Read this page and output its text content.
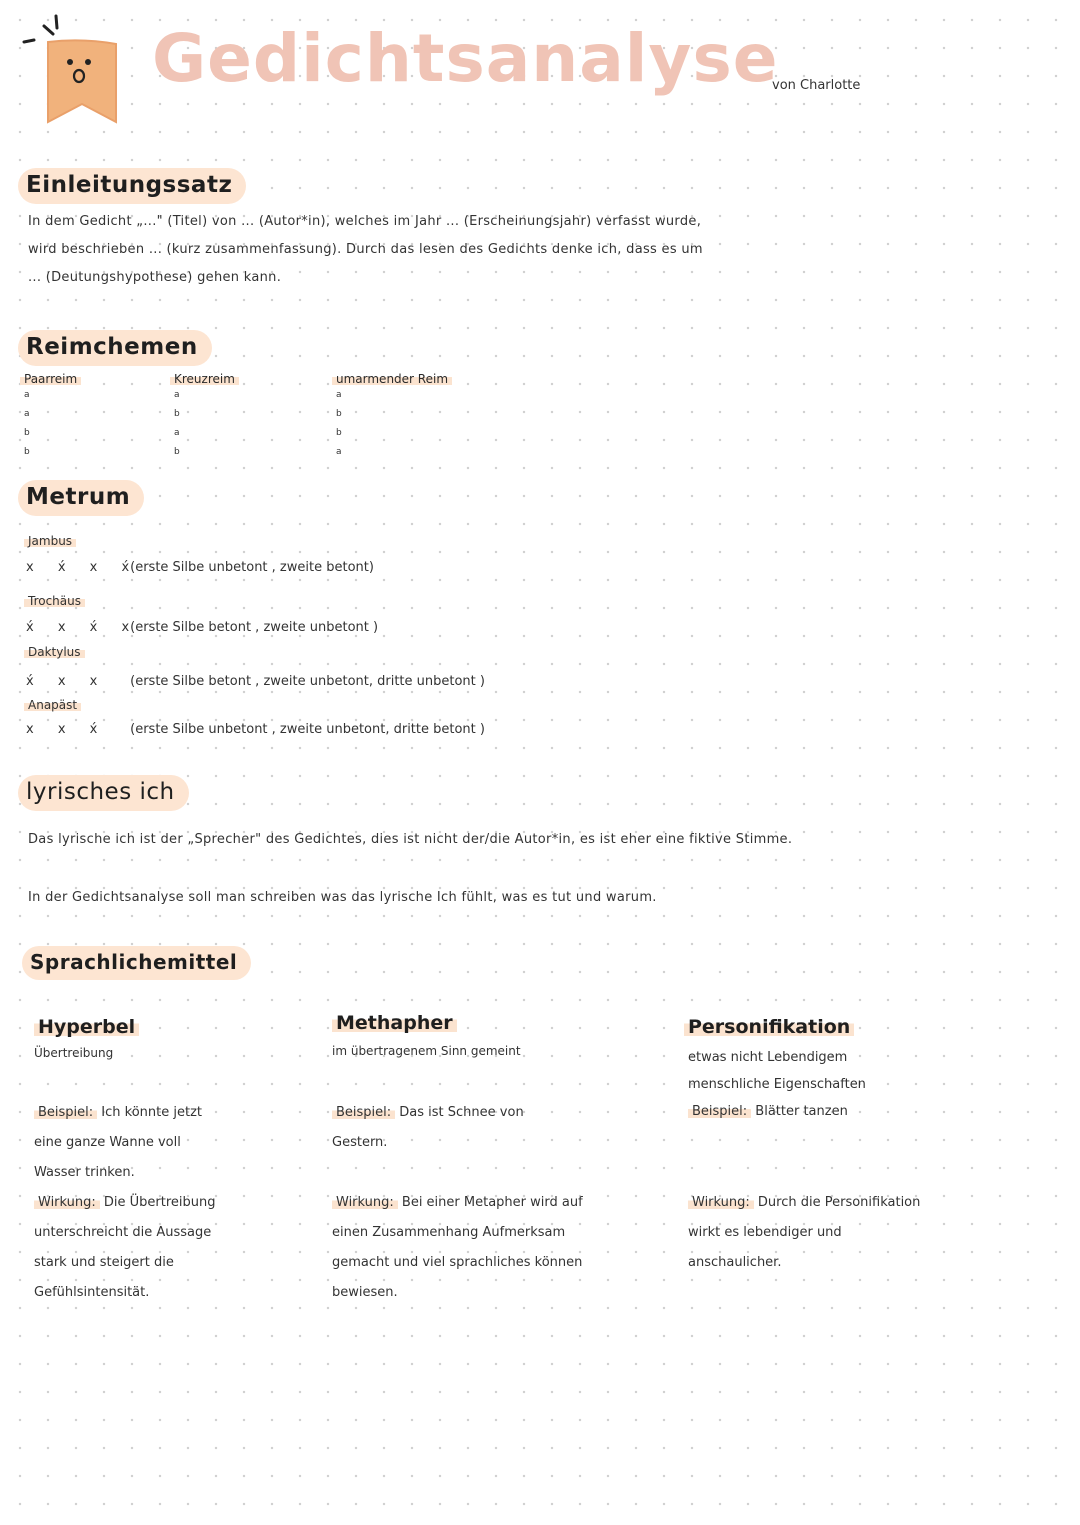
Gedichtsanalyse
von Charlotte
Einleitungssatz
In dem Gedicht „..." (Titel) von ... (Autor*in), welches im Jahr ... (Erscheinungsjahr) verfasst wurde,
wird beschrieben ... (kurz zusammenfassung). Durch das lesen des Gedichts denke ich, dass es um
... (Deutungshypothese) gehen kann.
Reimchemen
Paarreim
a
a
b
b
Kreuzreim
a
b
a
b
umarmender Reim
a
b
b
a
Metrum
Jambus
x x́ x x́ (erste Silbe unbetont , zweite betont)
Trochäus
x́ x x́ x (erste Silbe betont , zweite unbetont )
Daktylus
x́ x x (erste Silbe betont , zweite unbetont, dritte unbetont )
Anapäst
x x x́ (erste Silbe unbetont , zweite unbetont, dritte betont )
lyrisches ich
Das lyrische ich ist der „Sprecher" des Gedichtes, dies ist nicht der/die Autor*in, es ist eher eine fiktive Stimme.
In der Gedichtsanalyse soll man schreiben was das lyrische Ich fühlt, was es tut und warum.
Sprachlichemittel
Hyperbel
Übertreibung
Beispiel: Ich könnte jetzt
eine ganze Wanne voll
Wasser trinken.
Wirkung: Die Übertreibung
unterschreicht die Aussage
stark und steigert die
Gefühlsintensität.
Methapher
im übertragenem Sinn gemeint
Beispiel: Das ist Schnee von
Gestern.
Wirkung: Bei einer Metapher wird auf
einen Zusammenhang Aufmerksam
gemacht und viel sprachliches können
bewiesen.
Personifikation
etwas nicht Lebendigem
menschliche Eigenschaften
Beispiel: Blätter tanzen
Wirkung: Durch die Personifikation
wirkt es lebendiger und
anschaulicher.
